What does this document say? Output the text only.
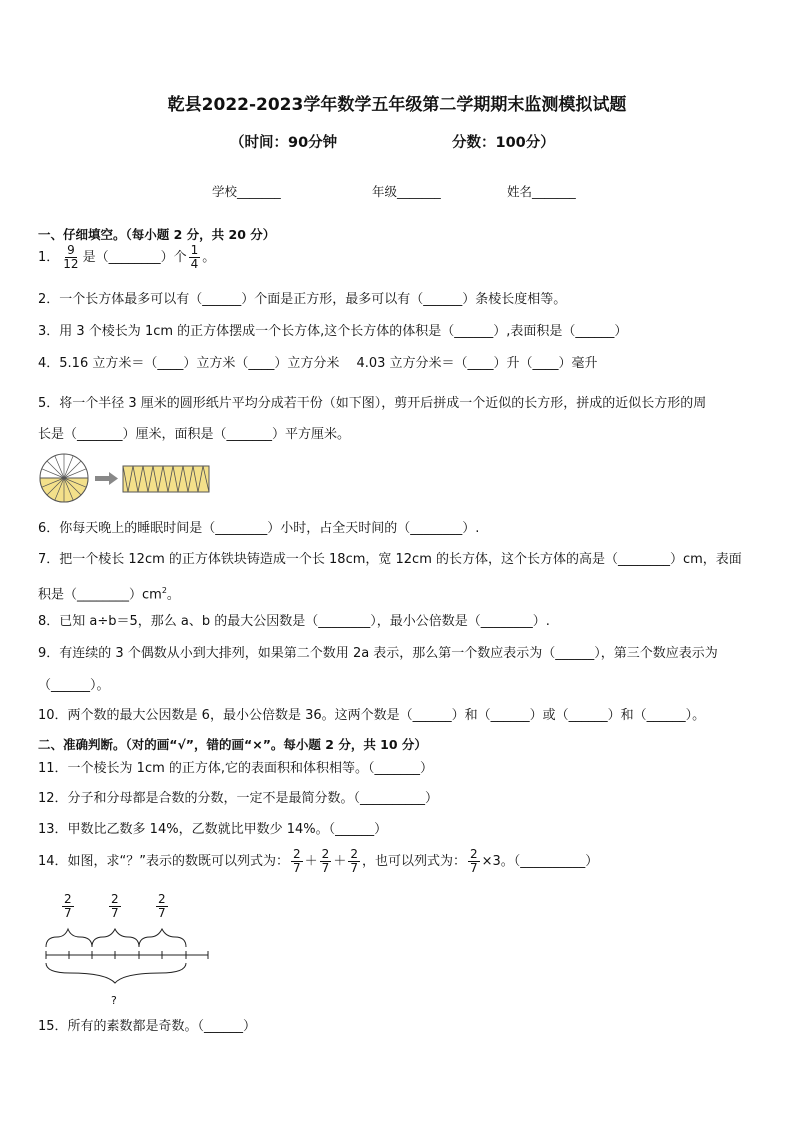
乾县2022-2023学年数学五年级第二学期期末监测模拟试题
（时间：90分钟	分数：100分）
学校_______	年级_______	姓名_______
一、仔细填空。（每小题 2 分，共 20 分）
1． $\frac{9}{12}$ 是（________）个 $\frac{1}{4}$ 。
2．一个长方体最多可以有（______）个面是正方形，最多可以有（______）条棱长度相等。
3．用 3 个棱长为 1cm 的正方体摆成一个长方体,这个长方体的体积是（______）,表面积是（______）
4．5.16 立方米＝（____）立方米（____）立方分米　 4.03 立方分米＝（____）升（____）毫升
5．将一个半径 3 厘米的圆形纸片平均分成若干份（如下图），剪开后拼成一个近似的长方形，拼成的近似长方形的周
长是（_______）厘米，面积是（_______）平方厘米。
6．你每天晚上的睡眠时间是（________）小时，占全天时间的（________）.
7．把一个棱长 12cm 的正方体铁块铸造成一个长 18cm，宽 12cm 的长方体，这个长方体的高是（________）cm，表面
积是$(\_\_\_\_\_\_\_\_)cm^2$。
8．已知 a÷b＝5，那么 a、b 的最大公因数是（________），最小公倍数是（________）.
9．有连续的 3 个偶数从小到大排列，如果第二个数用 2a 表示，那么第一个数应表示为（______），第三个数应表示为
（______）。
10．两个数的最大公因数是 6，最小公倍数是 36。这两个数是（______）和（______）或（______）和（______）。
二、准确判断。（对的画“√”，错的画“×”。每小题 2 分，共 10 分）
11．一个棱长为 1cm 的正方体,它的表面积和体积相等。（_______）
12．分子和分母都是合数的分数，一定不是最简分数。（__________）
13．甲数比乙数多 14%，乙数就比甲数少 14%。（______）
14．如图，求“？”表示的数既可以列式为： $\frac{2}{7} + \frac{2}{7} + \frac{2}{7}$ ，也可以列式为： $\frac{2}{7} \times 3$。（__________）
$\frac{2}{7}$	$\frac{2}{7}$	$\frac{2}{7}$
?
15．所有的素数都是奇数。（______）
